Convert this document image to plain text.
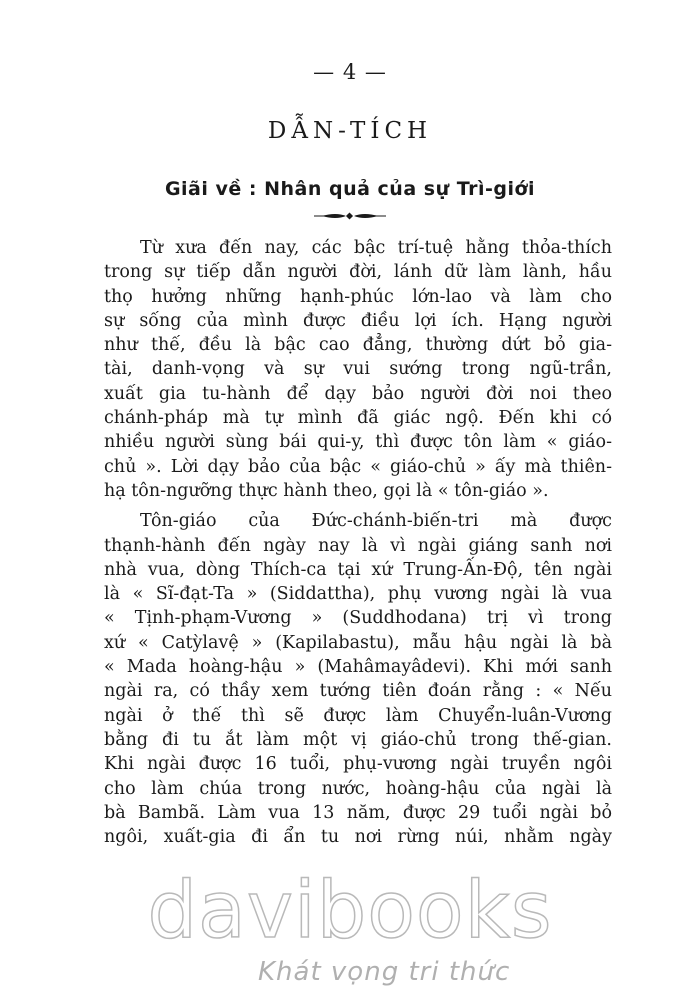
— 4 —
DẪN-TÍCH
Giãi về : Nhân quả của sự Trì-giới
Từ xưa đến nay, các bậc trí-tuệ hằng thỏa-thích
trong sự tiếp dẫn người đời, lánh dữ làm lành, hầu
thọ hưởng những hạnh-phúc lớn-lao và làm cho
sự sống của mình được điều lợi ích. Hạng người
như thế, đều là bậc cao đẳng, thường dứt bỏ gia-
tài, danh-vọng và sự vui sướng trong ngũ-trần,
xuất gia tu-hành để dạy bảo người đời noi theo
chánh-pháp mà tự mình đã giác ngộ. Đến khi có
nhiều người sùng bái qui-y, thì được tôn làm « giáo-
chủ ». Lời dạy bảo của bậc « giáo-chủ » ấy mà thiên-
hạ tôn-ngưỡng thực hành theo, gọi là « tôn-giáo ».
Tôn-giáo của Đức-chánh-biến-tri mà được
thạnh-hành đến ngày nay là vì ngài giáng sanh nơi
nhà vua, dòng Thích-ca tại xứ Trung-Ấn-Độ, tên ngài
là « Sĩ-đạt-Ta » (Siddattha), phụ vương ngài là vua
« Tịnh-phạm-Vương » (Suddhodana) trị vì trong
xứ « Catỳlavệ » (Kapilabastu), mẫu hậu ngài là bà
« Mada hoàng-hậu » (Mahâmayâdevi). Khi mới sanh
ngài ra, có thầy xem tướng tiên đoán rằng : « Nếu
ngài ở thế thì sẽ được làm Chuyển-luân-Vương
bằng đi tu ắt làm một vị giáo-chủ trong thế-gian.
Khi ngài được 16 tuổi, phụ-vương ngài truyền ngôi
cho làm chúa trong nước, hoàng-hậu của ngài là
bà Bambã. Làm vua 13 năm, được 29 tuổi ngài bỏ
ngôi, xuất-gia đi ẩn tu nơi rừng núi, nhằm ngày
davibooks
Khát vọng tri thức
